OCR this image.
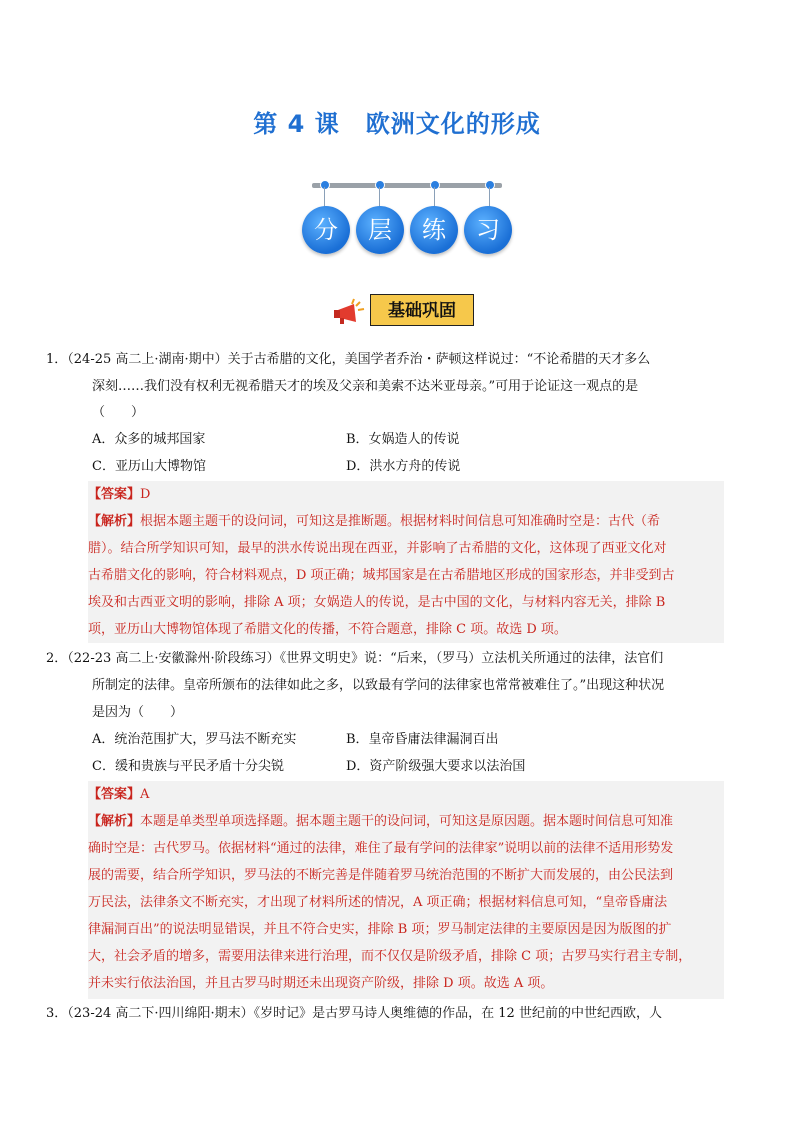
第 4 课 欧洲文化的形成
分	层	练	习
基础巩固
1．（24-25 高二上·湖南·期中）关于古希腊的文化，美国学者乔治・萨顿这样说过：“不论希腊的天才多么
深刻……我们没有权利无视希腊天才的埃及父亲和美索不达米亚母亲。”可用于论证这一观点的是
（　　）
A．众多的城邦国家	B．女娲造人的传说
C．亚历山大博物馆	D．洪水方舟的传说
【答案】D
【解析】根据本题主题干的设问词，可知这是推断题。根据材料时间信息可知准确时空是：古代（希
腊）。结合所学知识可知，最早的洪水传说出现在西亚，并影响了古希腊的文化，这体现了西亚文化对
古希腊文化的影响，符合材料观点，D 项正确；城邦国家是在古希腊地区形成的国家形态，并非受到古
埃及和古西亚文明的影响，排除 A 项；女娲造人的传说，是古中国的文化，与材料内容无关，排除 B
项，亚历山大博物馆体现了希腊文化的传播，不符合题意，排除 C 项。故选 D 项。
2．（22-23 高二上·安徽滁州·阶段练习）《世界文明史》说：“后来，（罗马）立法机关所通过的法律，法官们
所制定的法律。皇帝所颁布的法律如此之多，以致最有学问的法律家也常常被难住了。”出现这种状况
是因为（　　）
A．统治范围扩大，罗马法不断充实	B．皇帝昏庸法律漏洞百出
C．缓和贵族与平民矛盾十分尖锐	D．资产阶级强大要求以法治国
【答案】A
【解析】本题是单类型单项选择题。据本题主题干的设问词，可知这是原因题。据本题时间信息可知准
确时空是：古代罗马。依据材料“通过的法律，难住了最有学问的法律家”说明以前的法律不适用形势发
展的需要，结合所学知识，罗马法的不断完善是伴随着罗马统治范围的不断扩大而发展的，由公民法到
万民法，法律条文不断充实，才出现了材料所述的情况，A 项正确；根据材料信息可知，“皇帝昏庸法
律漏洞百出”的说法明显错误，并且不符合史实，排除 B 项；罗马制定法律的主要原因是因为版图的扩
大，社会矛盾的增多，需要用法律来进行治理，而不仅仅是阶级矛盾，排除 C 项；古罗马实行君主专制，
并未实行依法治国，并且古罗马时期还未出现资产阶级，排除 D 项。故选 A 项。
3．（23-24 高二下·四川绵阳·期末）《岁时记》是古罗马诗人奥维德的作品，在 12 世纪前的中世纪西欧，人
